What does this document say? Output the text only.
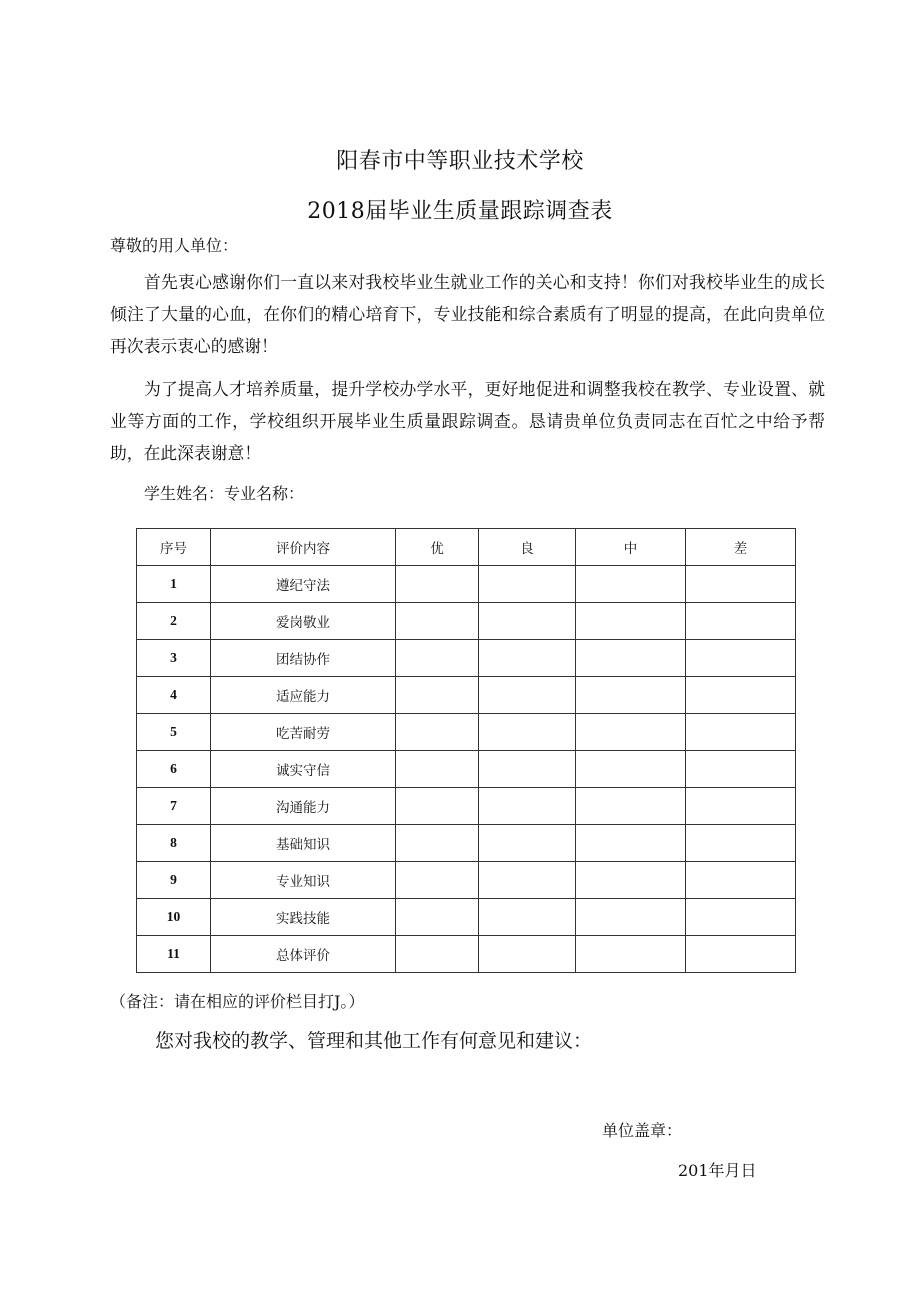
阳春市中等职业技术学校
2018届毕业生质量跟踪调查表
尊敬的用人单位：
首先衷心感谢你们一直以来对我校毕业生就业工作的关心和支持！你们对我校毕业生的成长倾注了大量的心血，在你们的精心培育下，专业技能和综合素质有了明显的提高，在此向贵单位再次表示衷心的感谢！
为了提高人才培养质量，提升学校办学水平，更好地促进和调整我校在教学、专业设置、就业等方面的工作，学校组织开展毕业生质量跟踪调查。恳请贵单位负责同志在百忙之中给予帮助，在此深表谢意！
学生姓名：专业名称：
序号	评价内容	优	良	中	差
1	遵纪守法				
2	爱岗敬业				
3	团结协作				
4	适应能力				
5	吃苦耐劳				
6	诚实守信				
7	沟通能力				
8	基础知识				
9	专业知识				
10	实践技能				
11	总体评价				
（备注：请在相应的评价栏目打J。）
您对我校的教学、管理和其他工作有何意见和建议：
单位盖章：
201年月日
